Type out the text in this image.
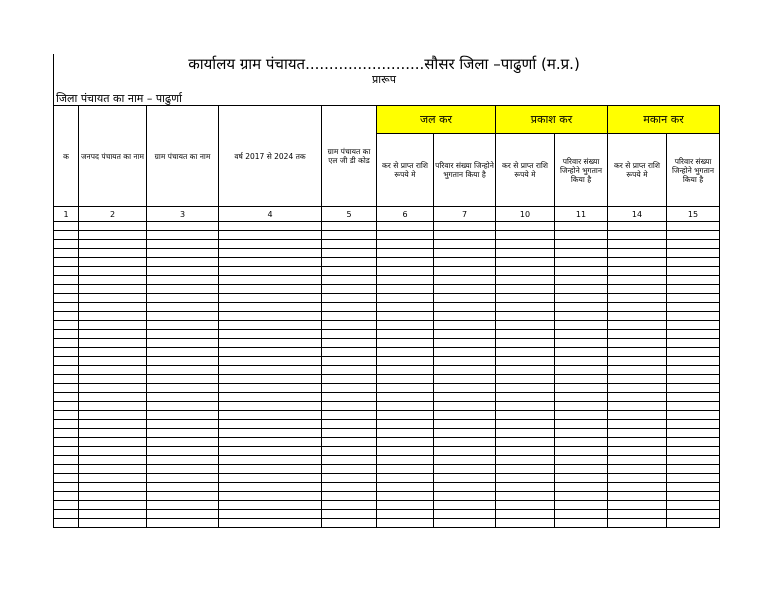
कार्यालय ग्राम पंचायत.........................सौसर जिला –पाढुर्णा (म.प्र.)
प्रारूप
जिला पंचायत का नाम – पाढुर्णा
क	जनपद पंचायत का नाम	ग्राम पंचायत का नाम	वर्ष 2017 से 2024 तक	ग्राम पंचायत का एल जी डी कोड	जल कर		प्रकाश कर		मकान कर	
					कर से प्राप्त राशि रूपये मे	परिवार संख्या जिन्होने भुगतान किया है	कर से प्राप्त राशि रूपये मे	परिवार संख्या जिन्होने भुगतान किया है	कर से प्राप्त राशि रूपये मे	परिवार संख्या जिन्होने भुगतान किया है
1	2	3	4	5	6	7	10	11	14	15
